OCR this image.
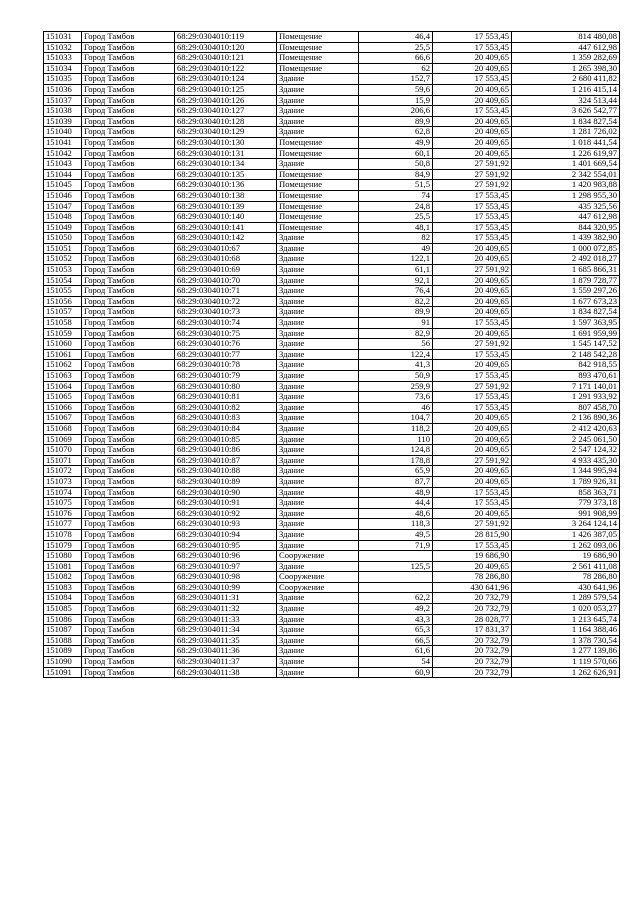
151031	Город Тамбов	68:29:0304010:119	Помещение	46,4	17 553,45	814 480,08
151032	Город Тамбов	68:29:0304010:120	Помещение	25,5	17 553,45	447 612,98
151033	Город Тамбов	68:29:0304010:121	Помещение	66,6	20 409,65	1 359 282,69
151034	Город Тамбов	68:29:0304010:122	Помещение	62	20 409,65	1 265 398,30
151035	Город Тамбов	68:29:0304010:124	Здание	152,7	17 553,45	2 680 411,82
151036	Город Тамбов	68:29:0304010:125	Здание	59,6	20 409,65	1 216 415,14
151037	Город Тамбов	68:29:0304010:126	Здание	15,9	20 409,65	324 513,44
151038	Город Тамбов	68:29:0304010:127	Здание	206,6	17 553,45	3 626 542,77
151039	Город Тамбов	68:29:0304010:128	Здание	89,9	20 409,65	1 834 827,54
151040	Город Тамбов	68:29:0304010:129	Здание	62,8	20 409,65	1 281 726,02
151041	Город Тамбов	68:29:0304010:130	Помещение	49,9	20 409,65	1 018 441,54
151042	Город Тамбов	68:29:0304010:131	Помещение	60,1	20 409,65	1 226 619,97
151043	Город Тамбов	68:29:0304010:134	Здание	50,8	27 591,92	1 401 669,54
151044	Город Тамбов	68:29:0304010:135	Помещение	84,9	27 591,92	2 342 554,01
151045	Город Тамбов	68:29:0304010:136	Помещение	51,5	27 591,92	1 420 983,88
151046	Город Тамбов	68:29:0304010:138	Помещение	74	17 553,45	1 298 955,30
151047	Город Тамбов	68:29:0304010:139	Помещение	24,8	17 553,45	435 325,56
151048	Город Тамбов	68:29:0304010:140	Помещение	25,5	17 553,45	447 612,98
151049	Город Тамбов	68:29:0304010:141	Помещение	48,1	17 553,45	844 320,95
151050	Город Тамбов	68:29:0304010:142	Здание	82	17 553,45	1 439 382,90
151051	Город Тамбов	68:29:0304010:67	Здание	49	20 409,65	1 000 072,85
151052	Город Тамбов	68:29:0304010:68	Здание	122,1	20 409,65	2 492 018,27
151053	Город Тамбов	68:29:0304010:69	Здание	61,1	27 591,92	1 685 866,31
151054	Город Тамбов	68:29:0304010:70	Здание	92,1	20 409,65	1 879 728,77
151055	Город Тамбов	68:29:0304010:71	Здание	76,4	20 409,65	1 559 297,26
151056	Город Тамбов	68:29:0304010:72	Здание	82,2	20 409,65	1 677 673,23
151057	Город Тамбов	68:29:0304010:73	Здание	89,9	20 409,65	1 834 827,54
151058	Город Тамбов	68:29:0304010:74	Здание	91	17 553,45	1 597 363,95
151059	Город Тамбов	68:29:0304010:75	Здание	82,9	20 409,65	1 691 959,99
151060	Город Тамбов	68:29:0304010:76	Здание	56	27 591,92	1 545 147,52
151061	Город Тамбов	68:29:0304010:77	Здание	122,4	17 553,45	2 148 542,28
151062	Город Тамбов	68:29:0304010:78	Здание	41,3	20 409,65	842 918,55
151063	Город Тамбов	68:29:0304010:79	Здание	50,9	17 553,45	893 470,61
151064	Город Тамбов	68:29:0304010:80	Здание	259,9	27 591,92	7 171 140,01
151065	Город Тамбов	68:29:0304010:81	Здание	73,6	17 553,45	1 291 933,92
151066	Город Тамбов	68:29:0304010:82	Здание	46	17 553,45	807 458,70
151067	Город Тамбов	68:29:0304010:83	Здание	104,7	20 409,65	2 136 890,36
151068	Город Тамбов	68:29:0304010:84	Здание	118,2	20 409,65	2 412 420,63
151069	Город Тамбов	68:29:0304010:85	Здание	110	20 409,65	2 245 061,50
151070	Город Тамбов	68:29:0304010:86	Здание	124,8	20 409,65	2 547 124,32
151071	Город Тамбов	68:29:0304010:87	Здание	178,8	27 591,92	4 933 435,30
151072	Город Тамбов	68:29:0304010:88	Здание	65,9	20 409,65	1 344 995,94
151073	Город Тамбов	68:29:0304010:89	Здание	87,7	20 409,65	1 789 926,31
151074	Город Тамбов	68:29:0304010:90	Здание	48,9	17 553,45	858 363,71
151075	Город Тамбов	68:29:0304010:91	Здание	44,4	17 553,45	779 373,18
151076	Город Тамбов	68:29:0304010:92	Здание	48,6	20 409,65	991 908,99
151077	Город Тамбов	68:29:0304010:93	Здание	118,3	27 591,92	3 264 124,14
151078	Город Тамбов	68:29:0304010:94	Здание	49,5	28 815,90	1 426 387,05
151079	Город Тамбов	68:29:0304010:95	Здание	71,9	17 553,45	1 262 093,06
151080	Город Тамбов	68:29:0304010:96	Сооружение		19 686,90	19 686,90
151081	Город Тамбов	68:29:0304010:97	Здание	125,5	20 409,65	2 561 411,08
151082	Город Тамбов	68:29:0304010:98	Сооружение		78 286,80	78 286,80
151083	Город Тамбов	68:29:0304010:99	Сооружение		430 641,96	430 641,96
151084	Город Тамбов	68:29:0304011:31	Здание	62,2	20 732,79	1 289 579,54
151085	Город Тамбов	68:29:0304011:32	Здание	49,2	20 732,79	1 020 053,27
151086	Город Тамбов	68:29:0304011:33	Здание	43,3	28 028,77	1 213 645,74
151087	Город Тамбов	68:29:0304011:34	Здание	65,3	17 831,37	1 164 388,46
151088	Город Тамбов	68:29:0304011:35	Здание	66,5	20 732,79	1 378 730,54
151089	Город Тамбов	68:29:0304011:36	Здание	61,6	20 732,79	1 277 139,86
151090	Город Тамбов	68:29:0304011:37	Здание	54	20 732,79	1 119 570,66
151091	Город Тамбов	68:29:0304011:38	Здание	60,9	20 732,79	1 262 626,91
